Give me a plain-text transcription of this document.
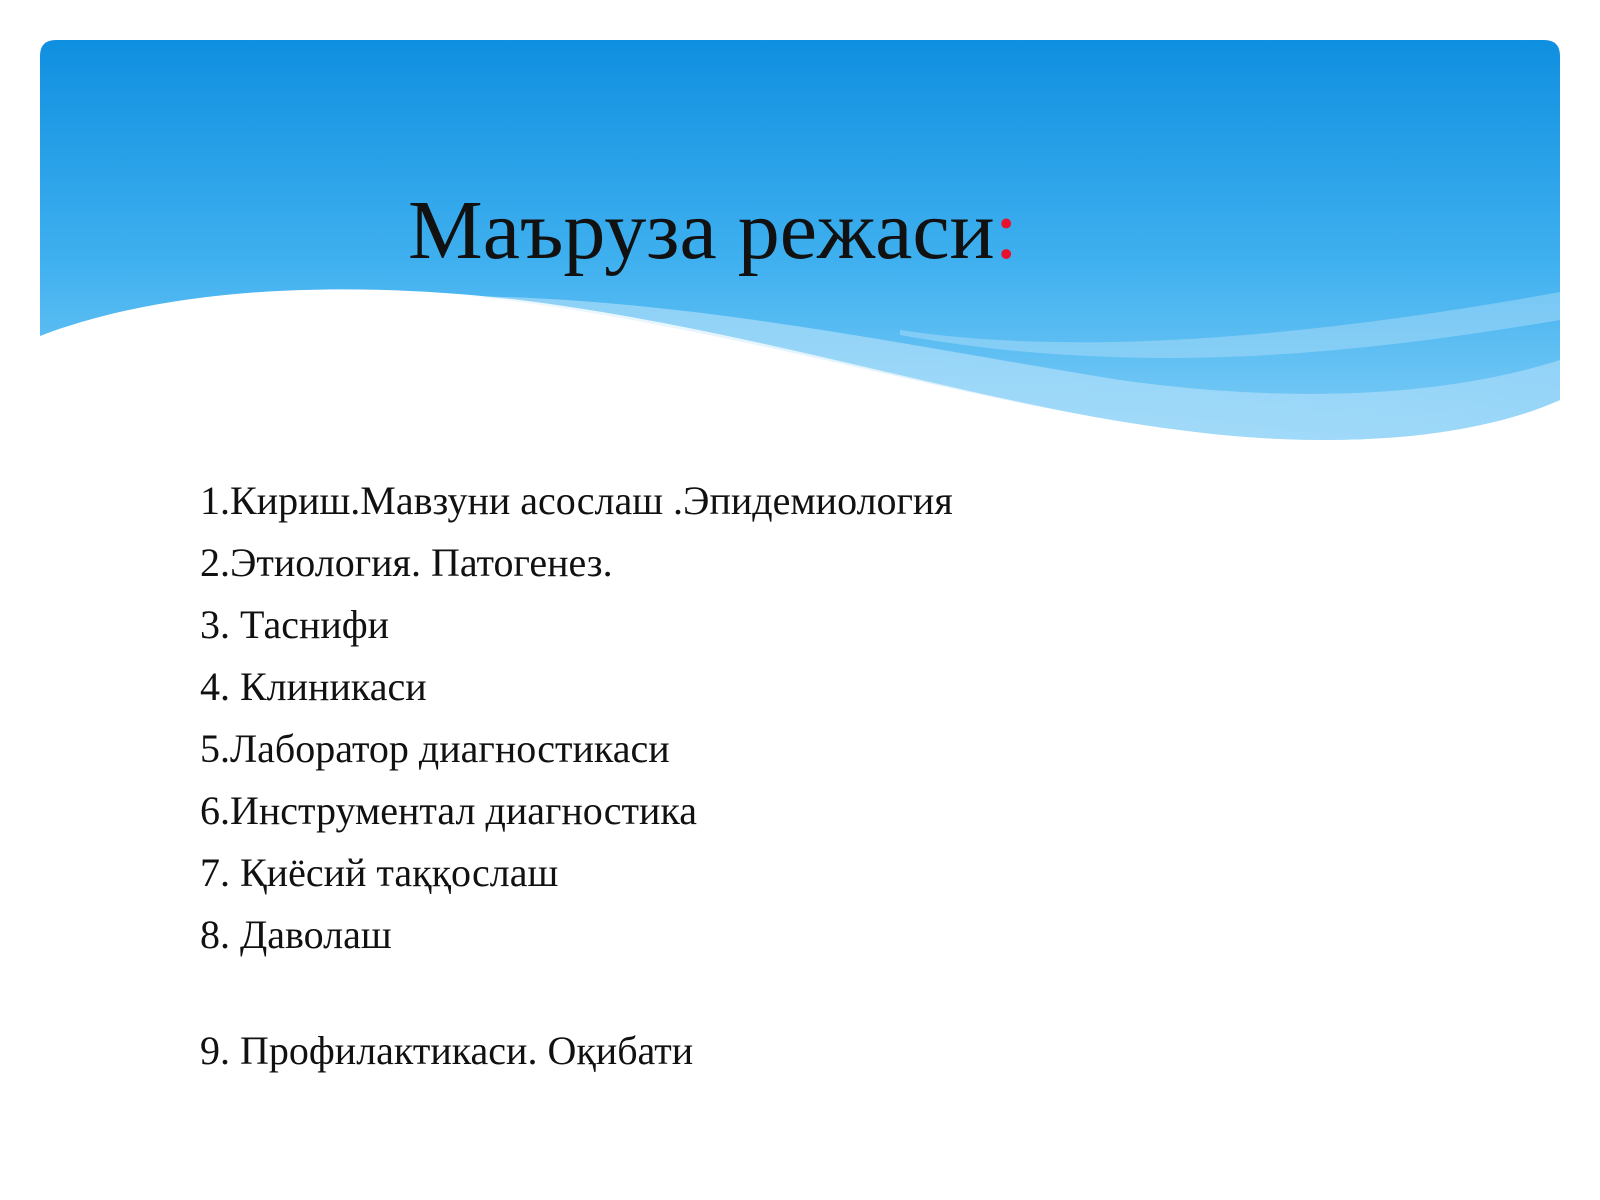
Маъруза режаси:
1.Кириш.Мавзуни асослаш .Эпидемиология
2.Этиология. Патогенез.
3. Таснифи
4. Клиникаси
5.Лаборатор диагностикаси
6.Инструментал диагностика
7. Қиёсий таққослаш
8. Даволаш
9. Профилактикаси. Оқибати
